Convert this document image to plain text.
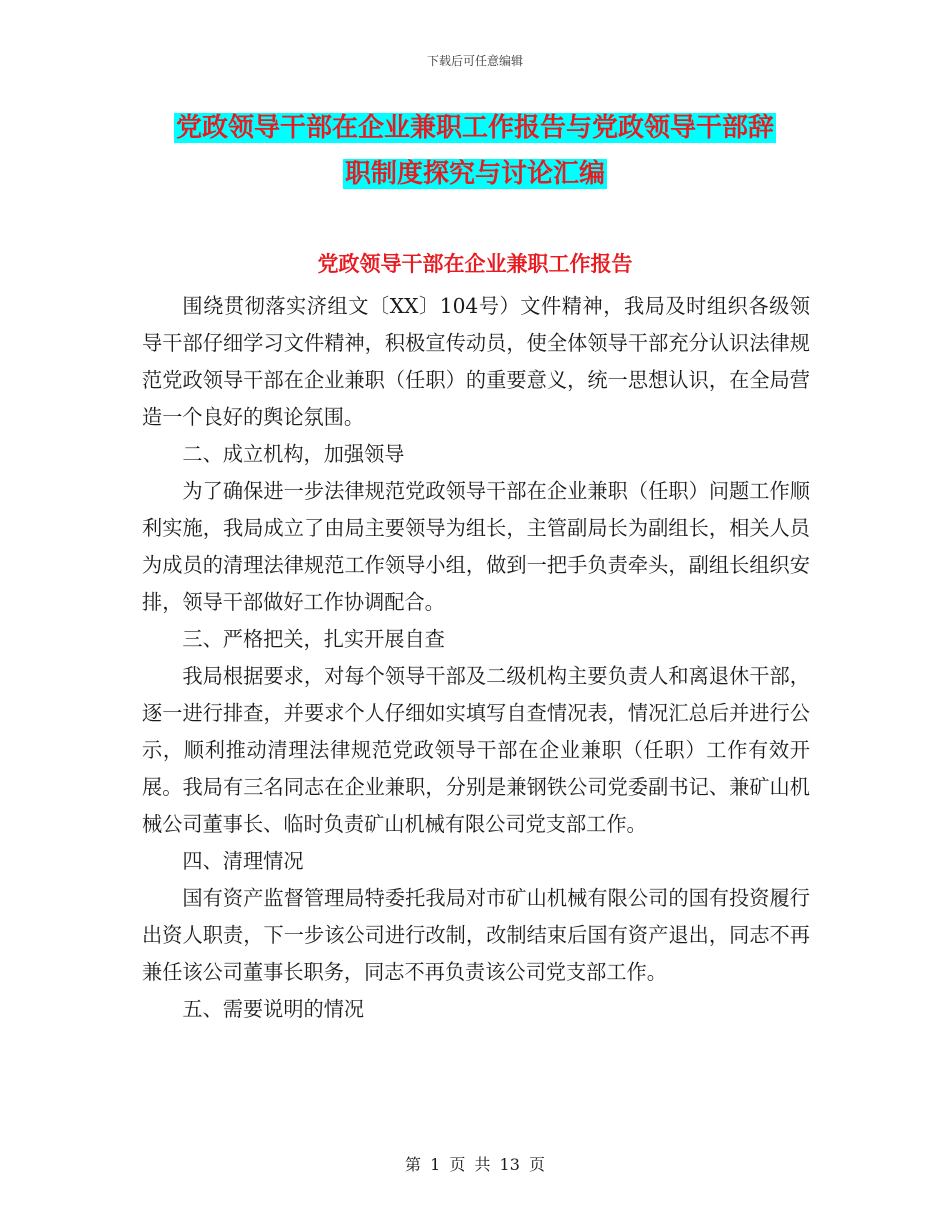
下载后可任意编辑
党政领导干部在企业兼职工作报告与党政领导干部辞
职制度探究与讨论汇编
党政领导干部在企业兼职工作报告

围绕贯彻落实济组文〔XX〕104号）文件精神，我局及时组织各级领导干部仔细学习文件精神，积极宣传动员，使全体领导干部充分认识法律规范党政领导干部在企业兼职（任职）的重要意义，统一思想认识，在全局营造一个良好的舆论氛围。

二、成立机构，加强领导

为了确保进一步法律规范党政领导干部在企业兼职（任职）问题工作顺利实施，我局成立了由局主要领导为组长，主管副局长为副组长，相关人员为成员的清理法律规范工作领导小组，做到一把手负责牵头，副组长组织安排，领导干部做好工作协调配合。

三、严格把关，扎实开展自查

我局根据要求，对每个领导干部及二级机构主要负责人和离退休干部，逐一进行排查，并要求个人仔细如实填写自查情况表，情况汇总后并进行公示，顺利推动清理法律规范党政领导干部在企业兼职（任职）工作有效开展。我局有三名同志在企业兼职，分别是兼钢铁公司党委副书记、兼矿山机械公司董事长、临时负责矿山机械有限公司党支部工作。

四、清理情况

国有资产监督管理局特委托我局对市矿山机械有限公司的国有投资履行出资人职责，下一步该公司进行改制，改制结束后国有资产退出，同志不再兼任该公司董事长职务，同志不再负责该公司党支部工作。

五、需要说明的情况

第 1 页 共 13 页
